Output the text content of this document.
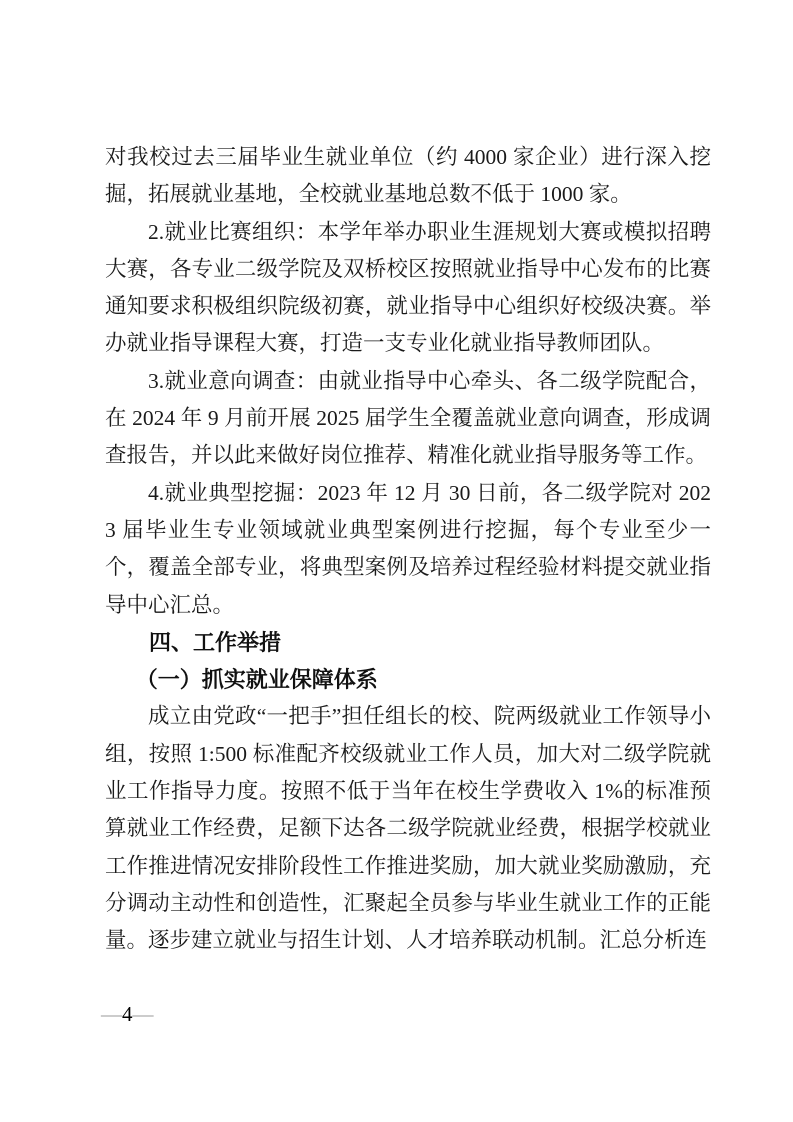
对我校过去三届毕业生就业单位（约 4000 家企业）进行深入挖掘，拓展就业基地，全校就业基地总数不低于 1000 家。

2.就业比赛组织：本学年举办职业生涯规划大赛或模拟招聘大赛，各专业二级学院及双桥校区按照就业指导中心发布的比赛通知要求积极组织院级初赛，就业指导中心组织好校级决赛。举办就业指导课程大赛，打造一支专业化就业指导教师团队。

3.就业意向调查：由就业指导中心牵头、各二级学院配合，在 2024 年 9 月前开展 2025 届学生全覆盖就业意向调查，形成调查报告，并以此来做好岗位推荐、精准化就业指导服务等工作。

4.就业典型挖掘：2023 年 12 月 30 日前，各二级学院对 2023 届毕业生专业领域就业典型案例进行挖掘，每个专业至少一个，覆盖全部专业，将典型案例及培养过程经验材料提交就业指导中心汇总。

四、工作举措
（一）抓实就业保障体系

成立由党政“一把手”担任组长的校、院两级就业工作领导小组，按照 1:500 标准配齐校级就业工作人员，加大对二级学院就业工作指导力度。按照不低于当年在校生学费收入 1%的标准预算就业工作经费，足额下达各二级学院就业经费，根据学校就业工作推进情况安排阶段性工作推进奖励，加大就业奖励激励，充分调动主动性和创造性，汇聚起全员参与毕业生就业工作的正能量。逐步建立就业与招生计划、人才培养联动机制。汇总分析连

—4—
